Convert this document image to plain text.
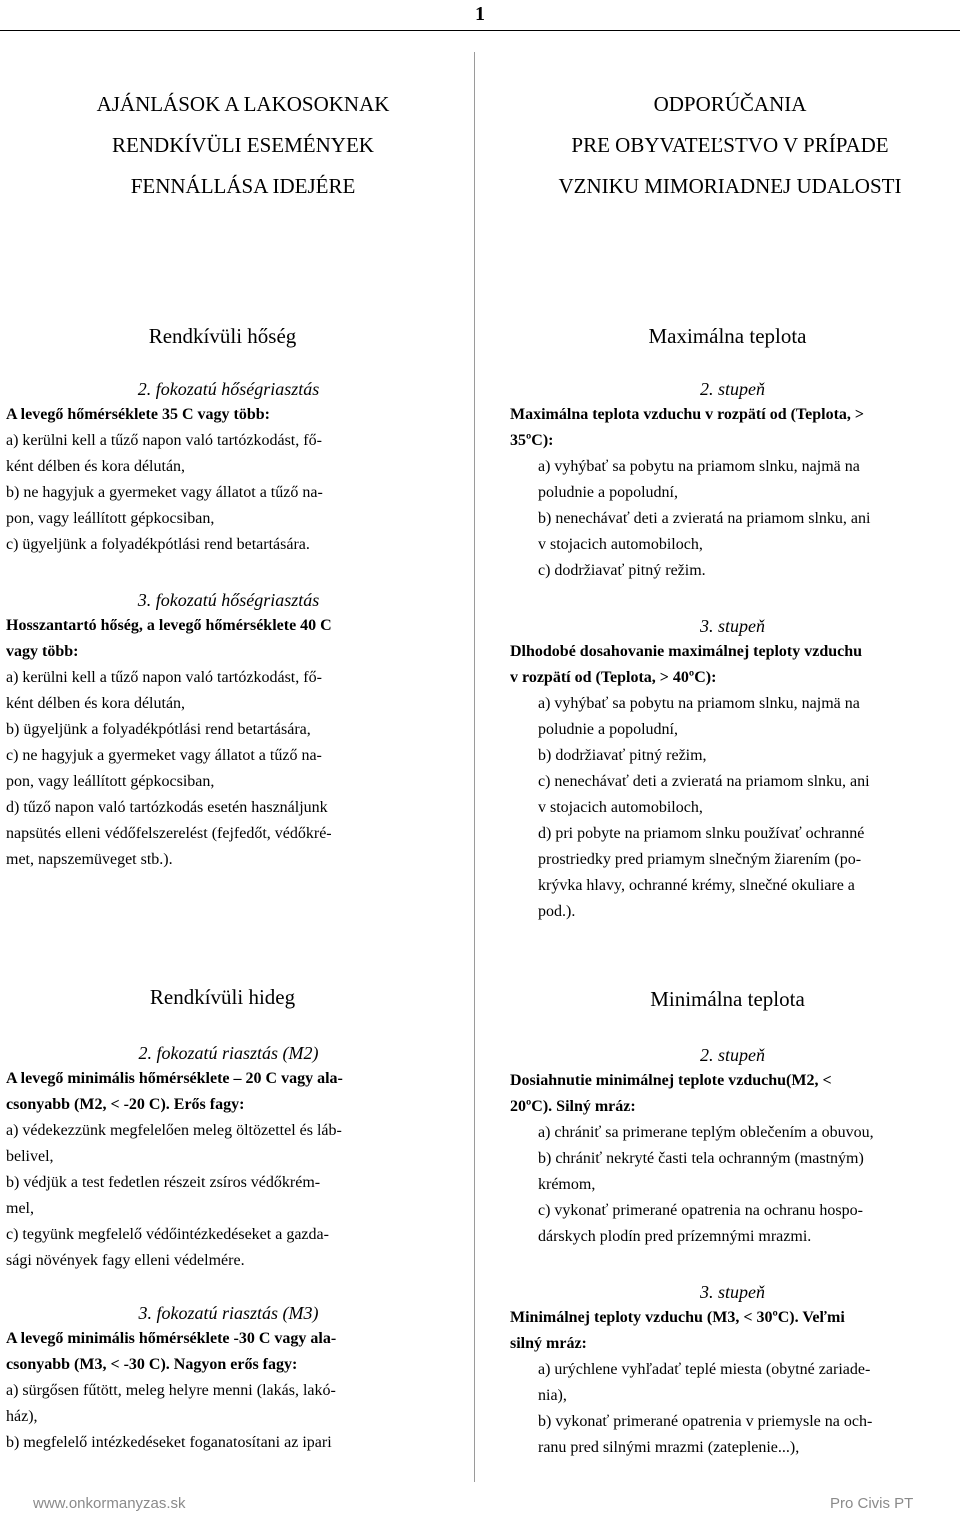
1
AJÁNLÁSOK A LAKOSOKNAK
RENDKÍVÜLI ESEMÉNYEK
FENNÁLLÁSA IDEJÉRE
ODPORÚČANIA
PRE OBYVATEĽSTVO V PRÍPADE
VZNIKU MIMORIADNEJ UDALOSTI
Rendkívüli hőség
2. fokozatú hőségriasztás
A levegő hőmérséklete 35 C vagy több:
a) kerülni kell a tűző napon való tartózkodást, fő-
ként délben és kora délután,
b) ne hagyjuk a gyermeket vagy állatot a tűző na-
pon, vagy leállított gépkocsiban,
c) ügyeljünk a folyadékpótlási rend betartására.
3. fokozatú hőségriasztás
Hosszantartó hőség, a levegő hőmérséklete 40 C
vagy több:
a) kerülni kell a tűző napon való tartózkodást, fő-
ként délben és kora délután,
b) ügyeljünk a folyadékpótlási rend betartására,
c) ne hagyjuk a gyermeket vagy állatot a tűző na-
pon, vagy leállított gépkocsiban,
d) tűző napon való tartózkodás esetén használjunk
napsütés elleni védőfelszerelést (fejfedőt, védőkré-
met, napszemüveget stb.).
Maximálna teplota
2. stupeň
Maximálna teplota vzduchu v rozpätí od (Teplota, >
35ºC):
a) vyhýbať sa pobytu na priamom slnku, najmä na
poludnie a popoludní,
b) nenechávať deti a zvieratá na priamom slnku, ani
v stojacich automobiloch,
c) dodržiavať pitný režim.
3. stupeň
Dlhodobé dosahovanie maximálnej teploty vzduchu
v rozpätí od (Teplota, > 40ºC):
a) vyhýbať sa pobytu na priamom slnku, najmä na
poludnie a popoludní,
b) dodržiavať pitný režim,
c) nenechávať deti a zvieratá na priamom slnku, ani
v stojacich automobiloch,
d) pri pobyte na priamom slnku používať ochranné
prostriedky pred priamym slnečným žiarením (po-
krývka hlavy, ochranné krémy, slnečné okuliare a
pod.).
Rendkívüli hideg
2. fokozatú riasztás (M2)
A levegő minimális hőmérséklete – 20 C vagy ala-
csonyabb (M2, < -20 C). Erős fagy:
a) védekezzünk megfelelően meleg öltözettel és láb-
belivel,
b) védjük a test fedetlen részeit zsíros védőkrém-
mel,
c) tegyünk megfelelő védőintézkedéseket a gazda-
sági növények fagy elleni védelmére.
3. fokozatú riasztás (M3)
A levegő minimális hőmérséklete -30 C vagy ala-
csonyabb (M3, < -30 C). Nagyon erős fagy:
a) sürgősen fűtött, meleg helyre menni (lakás, lakó-
ház),
b) megfelelő intézkedéseket foganatosítani az ipari
Minimálna teplota
2. stupeň
Dosiahnutie minimálnej teplote vzduchu(M2, <
20ºC). Silný mráz:
a) chrániť sa primerane teplým oblečením a obuvou,
b) chrániť nekryté časti tela ochranným (mastným)
krémom,
c) vykonať primerané opatrenia na ochranu hospo-
dárskych plodín pred prízemnými mrazmi.
3. stupeň
Minimálnej teploty vzduchu (M3, < 30ºC). Veľmi
silný mráz:
a) urýchlene vyhľadať teplé miesta (obytné zariade-
nia),
b) vykonať primerané opatrenia v priemysle na och-
ranu pred silnými mrazmi (zateplenie...),
www.onkormanyzas.sk	Pro Civis PT
